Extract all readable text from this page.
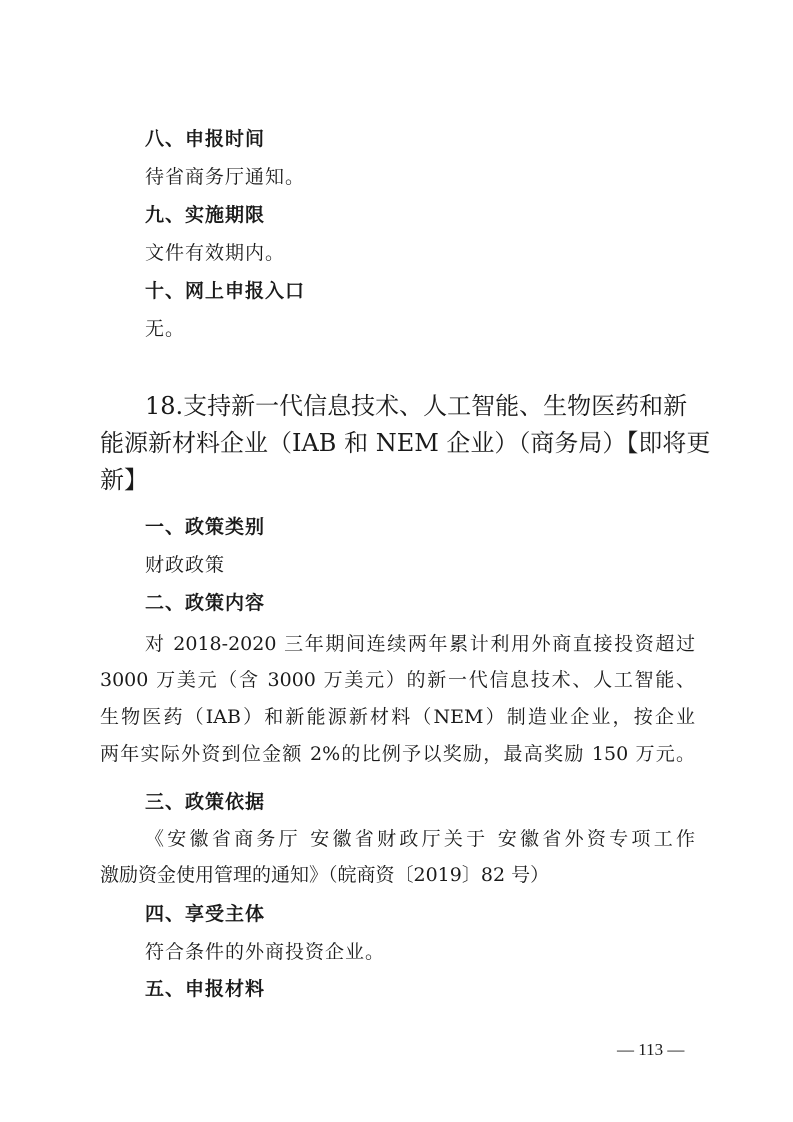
八、申报时间
待省商务厅通知。
九、实施期限
文件有效期内。
十、网上申报入口
无。
18.支持新一代信息技术、人工智能、生物医药和新
能源新材料企业（IAB 和 NEM 企业）（商务局）【即将更
新】
一、政策类别
财政政策
二、政策内容
对 2018-2020 三年期间连续两年累计利用外商直接投资超过
3000 万美元（含 3000 万美元）的新一代信息技术、人工智能、
生物医药（IAB）和新能源新材料（NEM）制造业企业，按企业
两年实际外资到位金额 2%的比例予以奖励，最高奖励 150 万元。
三、政策依据
《安徽省商务厅 安徽省财政厅关于 安徽省外资专项工作
激励资金使用管理的通知》（皖商资〔2019〕82 号）
四、享受主体
符合条件的外商投资企业。
五、申报材料
— 113 —
